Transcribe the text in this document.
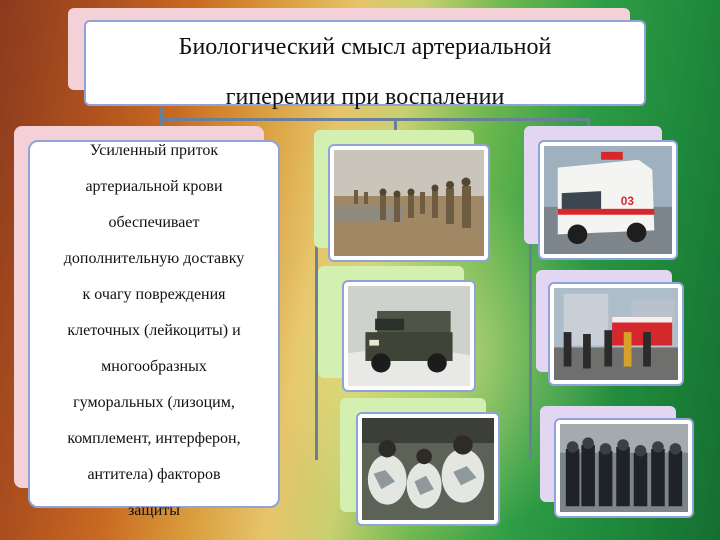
Биологический смысл артериальной
гиперемии при воспалении
Усиленный приток
артериальной крови
обеспечивает
дополнительную доставку
к очагу повреждения
клеточных (лейкоциты) и
многообразных
гуморальных (лизоцим,
комплемент, интерферон,
антитела) факторов
защиты
03
